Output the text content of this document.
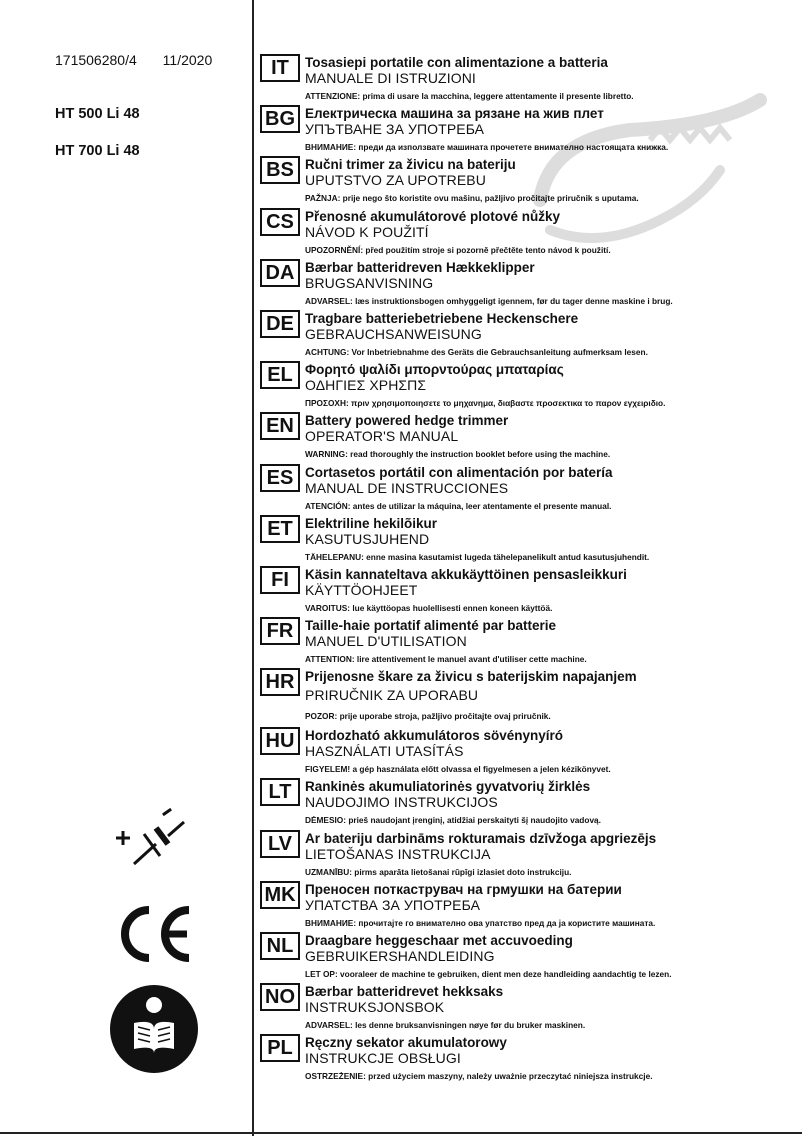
171506280/4 11/2020
HT 500 Li 48
HT 700 Li 48
IT	Tosasiepi portatile con alimentazione a batteria
MANUALE DI ISTRUZIONI
ATTENZIONE: prima di usare la macchina, leggere attentamente il presente libretto.
BG Електрическа машина за рязане на жив плет
УПЪТВАНЕ ЗА УПОТРЕБА
ВНИМАНИЕ: преди да използвате машината прочетете внимателно настоящата книжка.
BS Ručni trimer za živicu na bateriju
UPUTSTVO ZA UPOTREBU
PAŽNJA: prije nego što koristite ovu mašinu, pažljivo pročitajte priručnik s uputama.
CS Přenosné akumulátorové plotové nůžky
NÁVOD K POUŽITÍ
UPOZORNĚNÍ: před použitím stroje si pozorně přečtěte tento návod k použití.
DA Bærbar batteridreven Hækkeklipper
BRUGSANVISNING
ADVARSEL: læs instruktionsbogen omhyggeligt igennem, før du tager denne maskine i brug.
DE Tragbare batteriebetriebene Heckenschere
GEBRAUCHSANWEISUNG
ACHTUNG: Vor Inbetriebnahme des Geräts die Gebrauchsanleitung aufmerksam lesen.
EL Φορητό ψαλίδι μπορντούρας μπαταρίας
ΟΔΗΓΙΕΣ ΧΡΗΣΠΣ
ΠΡΟΣΟΧΗ: πριν χρησιμοποιησετε το μηχανημα, διαβαστε προσεκτικα το παρον εγχειριδιο.
EN Battery powered hedge trimmer
OPERATOR'S MANUAL
WARNING: read thoroughly the instruction booklet before using the machine.
ES Cortasetos portátil con alimentación por batería
MANUAL DE INSTRUCCIONES
ATENCIÓN: antes de utilizar la máquina, leer atentamente el presente manual.
ET Elektriline hekilõikur
KASUTUSJUHEND
TÄHELEPANU: enne masina kasutamist lugeda tähelepanelikult antud kasutusjuhendit.
FI	Käsin kannateltava akkukäyttöinen pensasleikkuri
KÄYTTÖOHJEET
VAROITUS: lue käyttöopas huolellisesti ennen koneen käyttöä.
FR Taille-haie portatif alimenté par batterie
MANUEL D'UTILISATION
ATTENTION: lire attentivement le manuel avant d'utiliser cette machine.
HR Prijenosne škare za živicu s baterijskim napajanjem
PRIRUČNIK ZA UPORABU
POZOR: prije uporabe stroja, pažljivo pročitajte ovaj priručnik.
HU Hordozható akkumulátoros sövénynyíró
HASZNÁLATI UTASÍTÁS
FIGYELEM! a gép használata előtt olvassa el figyelmesen a jelen kézikönyvet.
LT	Rankinės akumuliatorinės gyvatvorių žirklės
NAUDOJIMO INSTRUKCIJOS
DĖMESIO: prieš naudojant įrenginį, atidžiai perskaityti šį naudojito vadovą.
LV Ar bateriju darbināms rokturamais dzīvžoga apgriezējs
LIETOŠANAS INSTRUKCIJA
UZMANĪBU: pirms aparāta lietošanai rūpīgi izlasiet doto instrukciju.
MK Преносен поткаструвач на грмушки на батерии
УПАТСТВА ЗА УПОТРЕБА
ВНИМАНИЕ: прочитајте го внимателно ова упатство пред да ја користите машината.
NL Draagbare heggeschaar met accuvoeding
GEBRUIKERSHANDLEIDING
LET OP: vooraleer de machine te gebruiken, dient men deze handleiding aandachtig te lezen.
NO Bærbar batteridrevet hekksaks
INSTRUKSJONSBOK
ADVARSEL: les denne bruksanvisningen nøye før du bruker maskinen.
PL Ręczny sekator akumulatorowy
INSTRUKCJE OBSŁUGI
OSTRZEŻENIE: przed użyciem maszyny, należy uważnie przeczytać niniejsza instrukcje.
